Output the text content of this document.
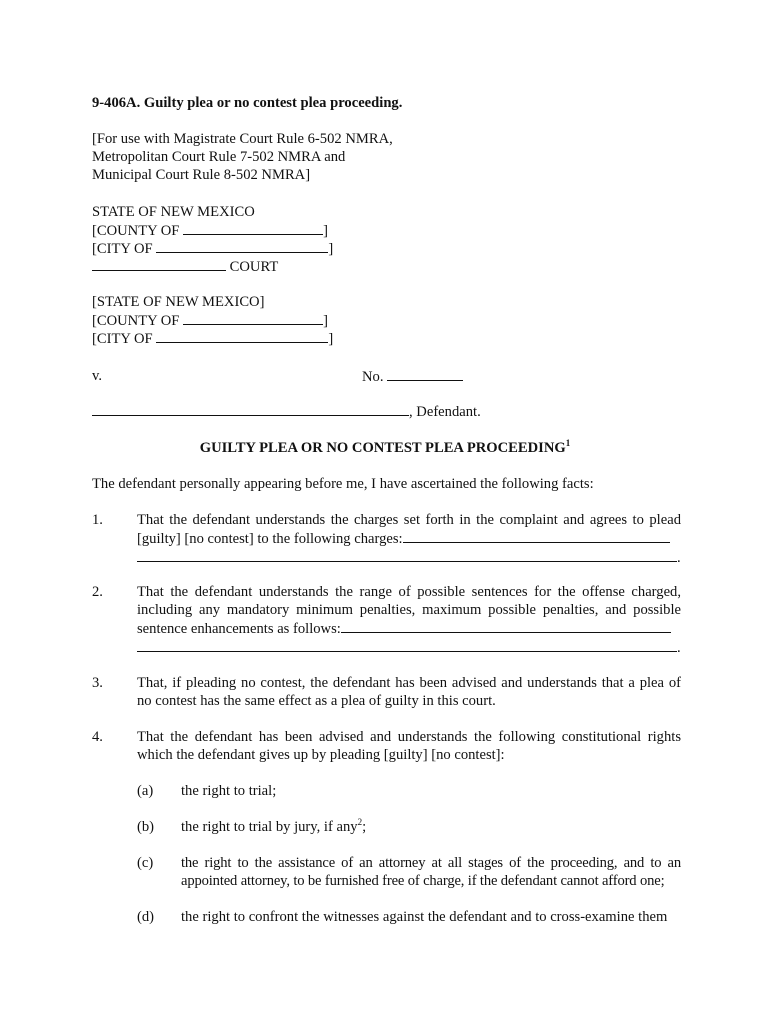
9-406A. Guilty plea or no contest plea proceeding.
[For use with Magistrate Court Rule 6-502 NMRA,
Metropolitan Court Rule 7-502 NMRA and
Municipal Court Rule 8-502 NMRA]
STATE OF NEW MEXICO
[COUNTY OF	]
[CITY OF	]
COURT
[STATE OF NEW MEXICO]
[COUNTY OF	]
[CITY OF	]
v.	No.
, Defendant.
GUILTY PLEA OR NO CONTEST PLEA PROCEEDING$^1$
The defendant personally appearing before me, I have ascertained the following facts:
1. That the defendant understands the charges set forth in the complaint and agrees to plead [guilty] [no contest] to the following charges:
.
2. That the defendant understands the range of possible sentences for the offense charged, including any mandatory minimum penalties, maximum possible penalties, and possible sentence enhancements as follows:
.
3. That, if pleading no contest, the defendant has been advised and understands that a plea of no contest has the same effect as a plea of guilty in this court.
4. That the defendant has been advised and understands the following constitutional rights which the defendant gives up by pleading [guilty] [no contest]:
(a) the right to trial;
(b) the right to trial by jury, if any$^2$;
(c) the right to the assistance of an attorney at all stages of the proceeding, and to an appointed attorney, to be furnished free of charge, if the defendant cannot afford one;
(d) the right to confront the witnesses against the defendant and to cross-examine them
